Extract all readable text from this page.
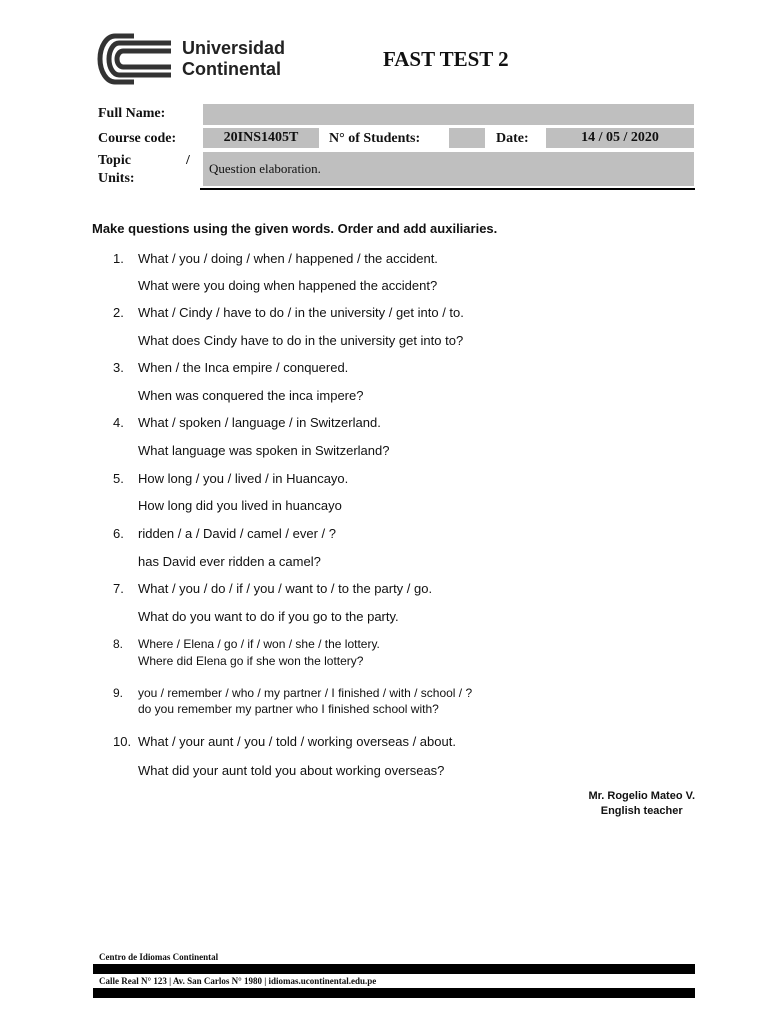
Universidad
Continental	FAST TEST 2
Full Name:
Course code:	20INS1405T	N° of Students:	Date:	14 / 05 / 2020
Topic	/
Units:
Question elaboration.
Make questions using the given words. Order and add auxiliaries.
1.	What / you / doing / when / happened / the accident.
What were you doing when happened the accident?
2.	What / Cindy / have to do / in the university / get into / to.
What does Cindy have to do in the university get into to?
3.	When / the Inca empire / conquered.
When was conquered the inca impere?
4.	What / spoken / language / in Switzerland.
What language was spoken in Switzerland?
5.	How long / you / lived / in Huancayo.
How long did you lived in huancayo
6.	ridden / a / David / camel / ever / ?
has David ever ridden a camel?
7.	What / you / do / if / you / want to / to the party / go.
What do you want to do if you go to the party.
8.	Where / Elena / go / if / won / she / the lottery.
Where did Elena go if she won the lottery?
9.	you / remember / who / my partner / I finished / with / school / ?
do you remember my partner who I finished school with?
10. What / your aunt / you / told / working overseas / about.
What did your aunt told you about working overseas?
Mr. Rogelio Mateo V.
English teacher
Centro de Idiomas Continental
Calle Real N° 123 | Av. San Carlos N° 1980 | idiomas.ucontinental.edu.pe
